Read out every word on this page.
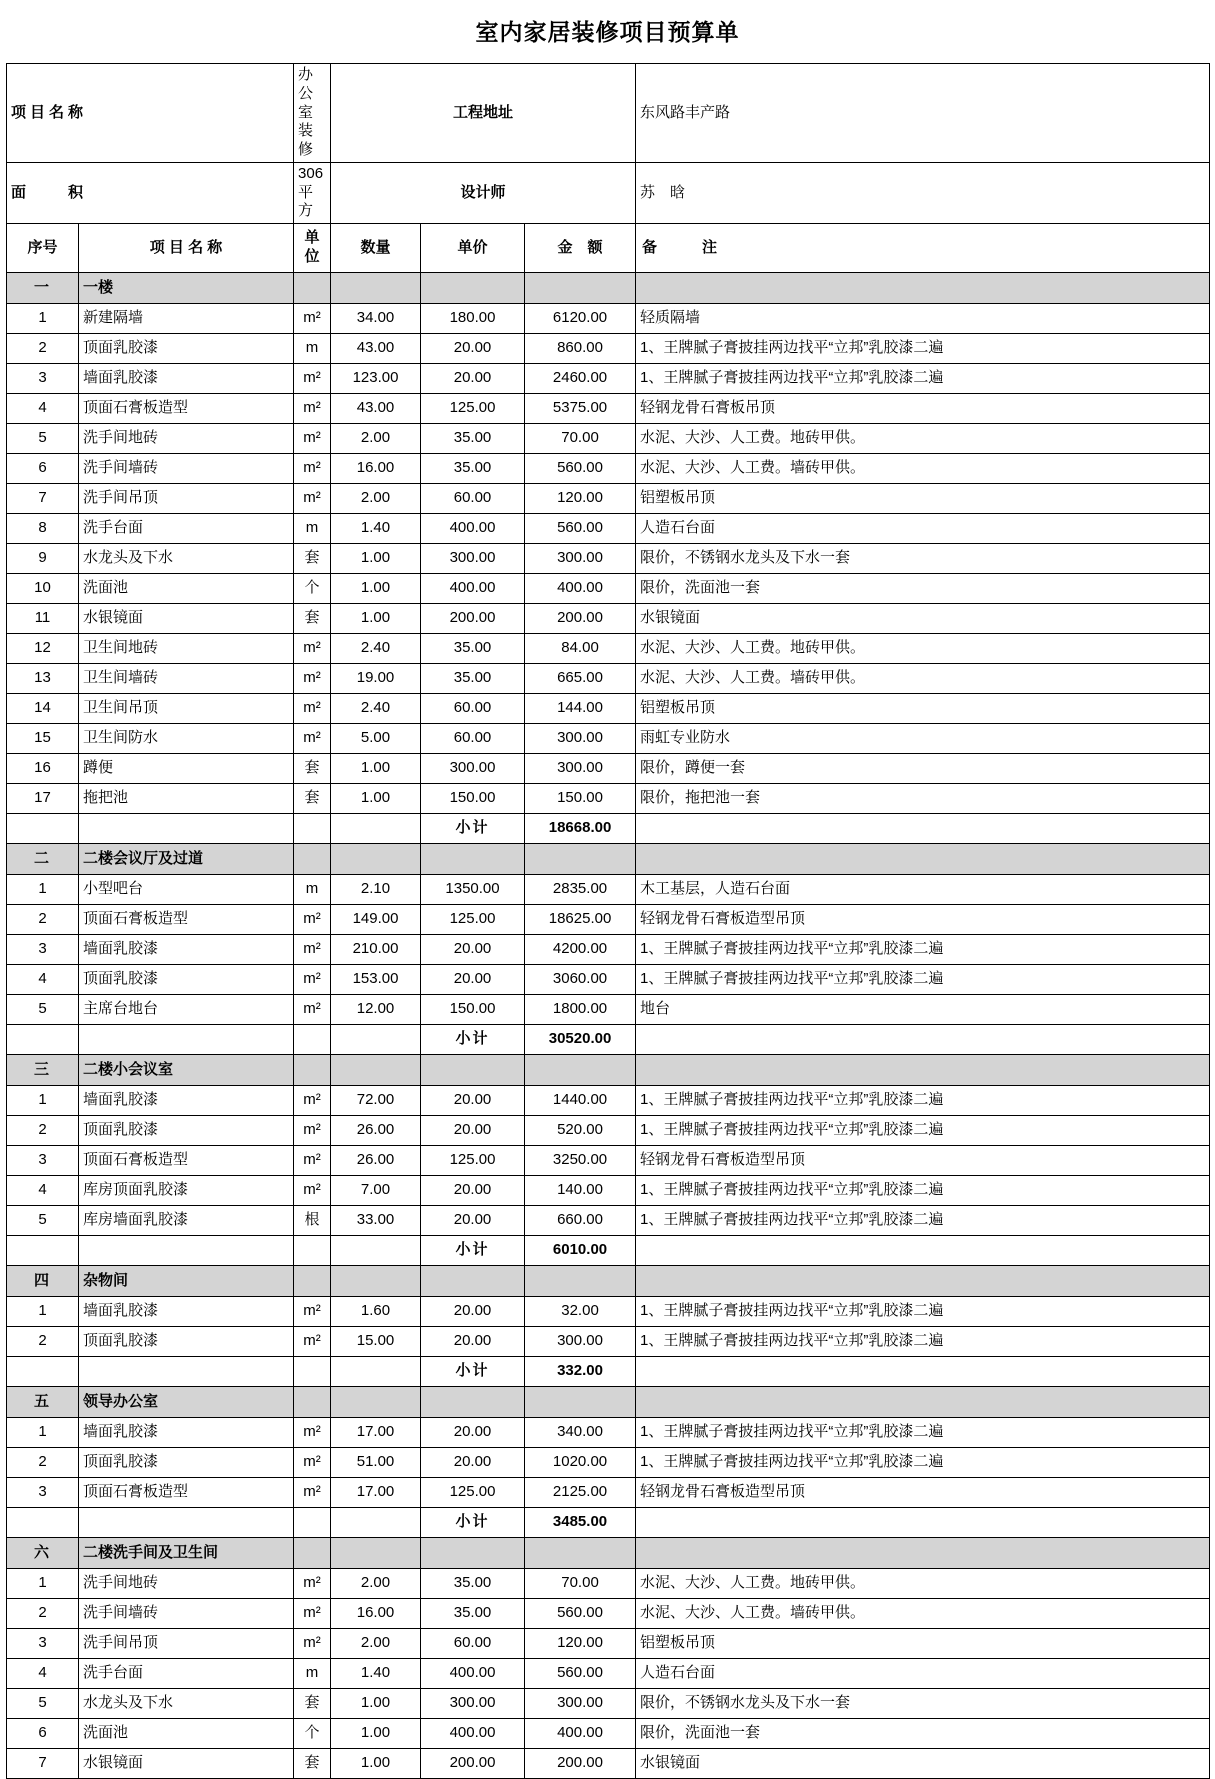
室内家居装修项目预算单
项目名称		办公室装修	工程地址			东风路丰产路
面　　积		306平方	设计师			苏　晗
序号	项 目 名 称	单位	数量	单价	金　额	备　　　注
一	一楼					
1	新建隔墙	m²	34.00	180.00	6120.00	轻质隔墙
2	顶面乳胶漆	m	43.00	20.00	860.00	1、王牌腻子膏披挂两边找平“立邦”乳胶漆二遍
3	墙面乳胶漆	m²	123.00	20.00	2460.00	1、王牌腻子膏披挂两边找平“立邦”乳胶漆二遍
4	顶面石膏板造型	m²	43.00	125.00	5375.00	轻钢龙骨石膏板吊顶
5	洗手间地砖	m²	2.00	35.00	70.00	水泥、大沙、人工费。地砖甲供。
6	洗手间墙砖	m²	16.00	35.00	560.00	水泥、大沙、人工费。墙砖甲供。
7	洗手间吊顶	m²	2.00	60.00	120.00	铝塑板吊顶
8	洗手台面	m	1.40	400.00	560.00	人造石台面
9	水龙头及下水	套	1.00	300.00	300.00	限价，不锈钢水龙头及下水一套
10	洗面池	个	1.00	400.00	400.00	限价，洗面池一套
11	水银镜面	套	1.00	200.00	200.00	水银镜面
12	卫生间地砖	m²	2.40	35.00	84.00	水泥、大沙、人工费。地砖甲供。
13	卫生间墙砖	m²	19.00	35.00	665.00	水泥、大沙、人工费。墙砖甲供。
14	卫生间吊顶	m²	2.40	60.00	144.00	铝塑板吊顶
15	卫生间防水	m²	5.00	60.00	300.00	雨虹专业防水
16	蹲便	套	1.00	300.00	300.00	限价，蹲便一套
17	拖把池	套	1.00	150.00	150.00	限价，拖把池一套
				小计	18668.00	
二	二楼会议厅及过道					
1	小型吧台	m	2.10	1350.00	2835.00	木工基层，人造石台面
2	顶面石膏板造型	m²	149.00	125.00	18625.00	轻钢龙骨石膏板造型吊顶
3	墙面乳胶漆	m²	210.00	20.00	4200.00	1、王牌腻子膏披挂两边找平“立邦”乳胶漆二遍
4	顶面乳胶漆	m²	153.00	20.00	3060.00	1、王牌腻子膏披挂两边找平“立邦”乳胶漆二遍
5	主席台地台	m²	12.00	150.00	1800.00	地台
				小计	30520.00	
三	二楼小会议室					
1	墙面乳胶漆	m²	72.00	20.00	1440.00	1、王牌腻子膏披挂两边找平“立邦”乳胶漆二遍
2	顶面乳胶漆	m²	26.00	20.00	520.00	1、王牌腻子膏披挂两边找平“立邦”乳胶漆二遍
3	顶面石膏板造型	m²	26.00	125.00	3250.00	轻钢龙骨石膏板造型吊顶
4	库房顶面乳胶漆	m²	7.00	20.00	140.00	1、王牌腻子膏披挂两边找平“立邦”乳胶漆二遍
5	库房墙面乳胶漆	根	33.00	20.00	660.00	1、王牌腻子膏披挂两边找平“立邦”乳胶漆二遍
				小计	6010.00	
四	杂物间					
1	墙面乳胶漆	m²	1.60	20.00	32.00	1、王牌腻子膏披挂两边找平“立邦”乳胶漆二遍
2	顶面乳胶漆	m²	15.00	20.00	300.00	1、王牌腻子膏披挂两边找平“立邦”乳胶漆二遍
				小计	332.00	
五	领导办公室					
1	墙面乳胶漆	m²	17.00	20.00	340.00	1、王牌腻子膏披挂两边找平“立邦”乳胶漆二遍
2	顶面乳胶漆	m²	51.00	20.00	1020.00	1、王牌腻子膏披挂两边找平“立邦”乳胶漆二遍
3	顶面石膏板造型	m²	17.00	125.00	2125.00	轻钢龙骨石膏板造型吊顶
				小计	3485.00	
六	二楼洗手间及卫生间					
1	洗手间地砖	m²	2.00	35.00	70.00	水泥、大沙、人工费。地砖甲供。
2	洗手间墙砖	m²	16.00	35.00	560.00	水泥、大沙、人工费。墙砖甲供。
3	洗手间吊顶	m²	2.00	60.00	120.00	铝塑板吊顶
4	洗手台面	m	1.40	400.00	560.00	人造石台面
5	水龙头及下水	套	1.00	300.00	300.00	限价，不锈钢水龙头及下水一套
6	洗面池	个	1.00	400.00	400.00	限价，洗面池一套
7	水银镜面	套	1.00	200.00	200.00	水银镜面
